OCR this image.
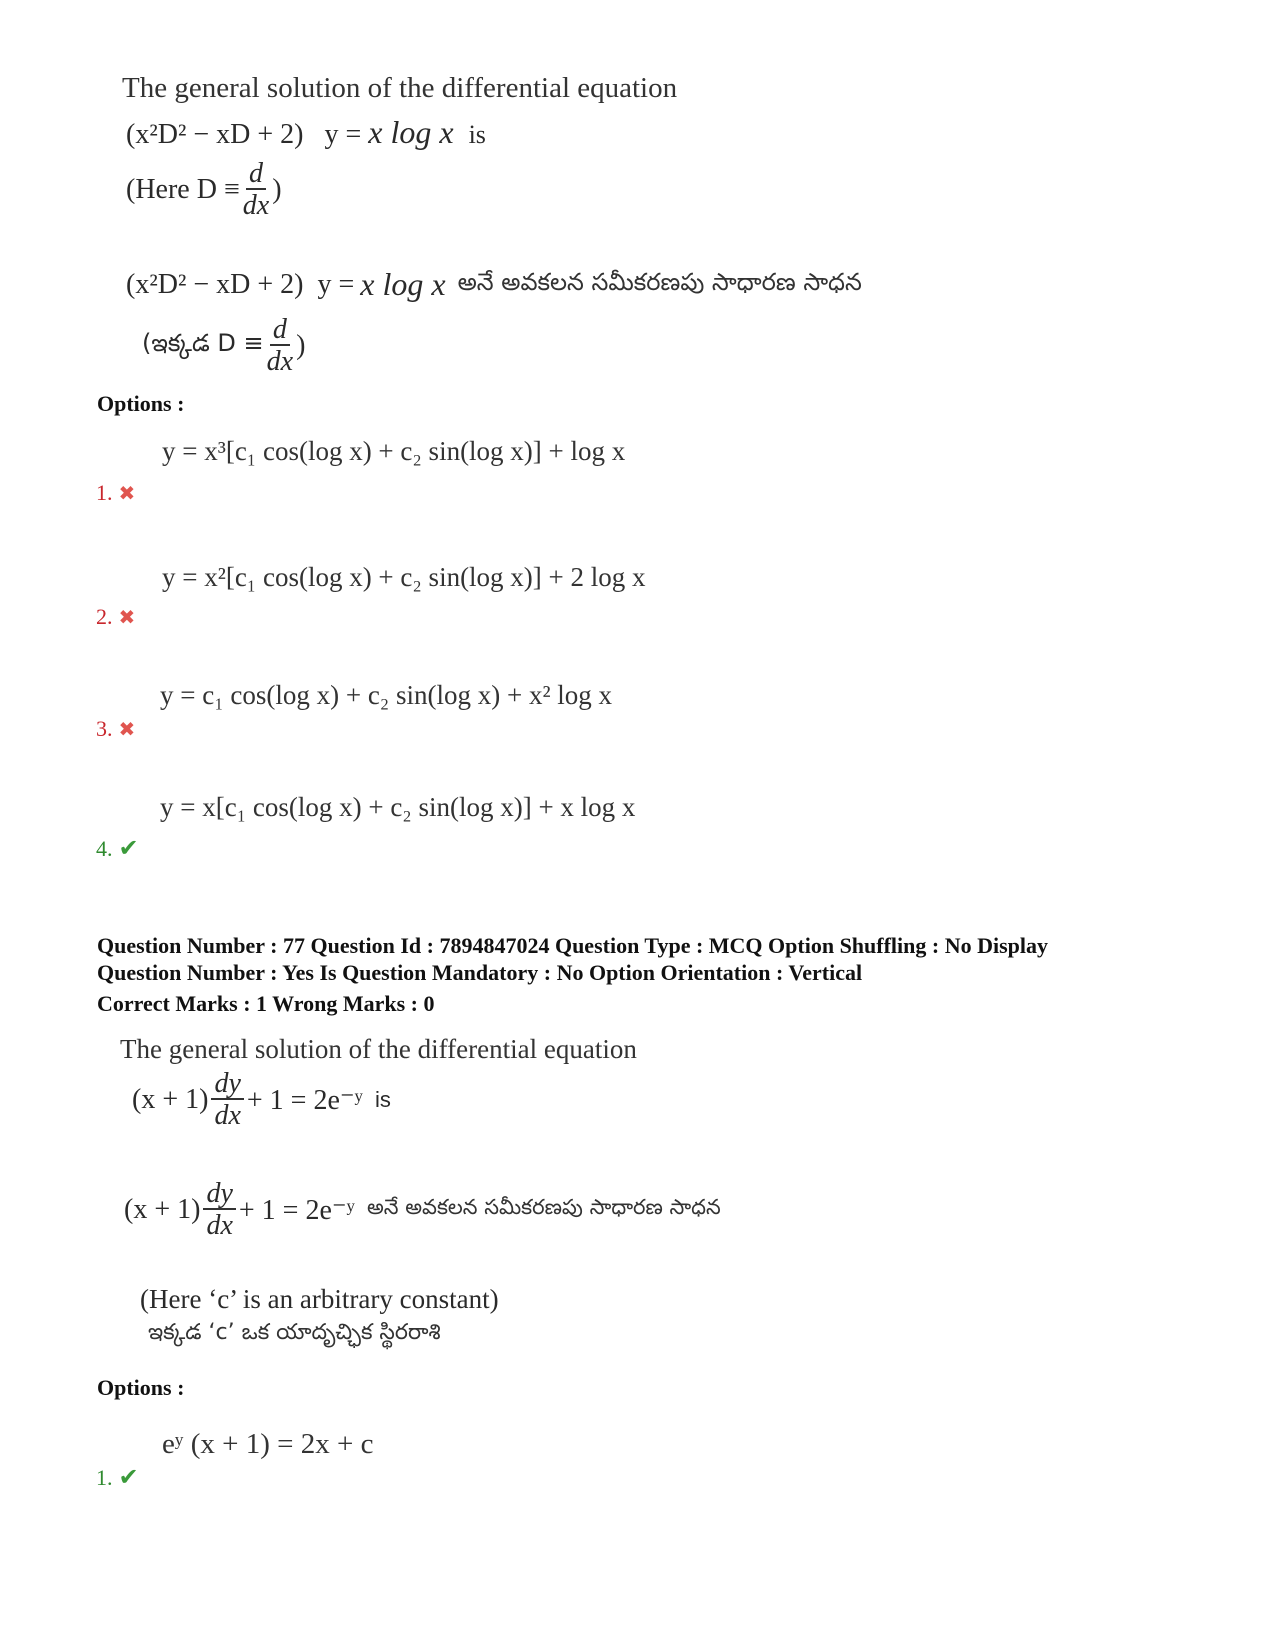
The general solution of the differential equation
(x²D² − xD + 2) y = x log x is
(Here $D \equiv \frac{d}{dx}$ )
(x²D² − xD + 2) y = x log x అనే అవకలన సమీకరణపు సాధారణ సాధన
(ఇక్కడ $D \equiv \frac{d}{dx}$ )
Options :
y = x³[c₁ cos(log x) + c₂ sin(log x)] + log x
1. ✖
y = x²[c₁ cos(log x) + c₂ sin(log x)] + 2 log x
2. ✖
y = c₁ cos(log x) + c₂ sin(log x) + x² log x
3. ✖
y = x[c₁ cos(log x) + c₂ sin(log x)] + x log x
4. ✔
Question Number : 77 Question Id : 7894847024 Question Type : MCQ Option Shuffling : No Display
Question Number : Yes Is Question Mandatory : No Option Orientation : Vertical
Correct Marks : 1 Wrong Marks : 0
The general solution of the differential equation
$(x + 1) \frac{dy}{dx} + 1$ = 2e⁻ʸ is
$(x + 1) \frac{dy}{dx} + 1$ = 2e⁻ʸ అనే అవకలన సమీకరణపు సాధారణ సాధన
(Here ‘c’ is an arbitrary constant)
ఇక్కడ ‘c’ ఒక యాదృచ్ఛిక స్థిరరాశి
Options :
eʸ (x + 1) = 2x + c
1. ✔
